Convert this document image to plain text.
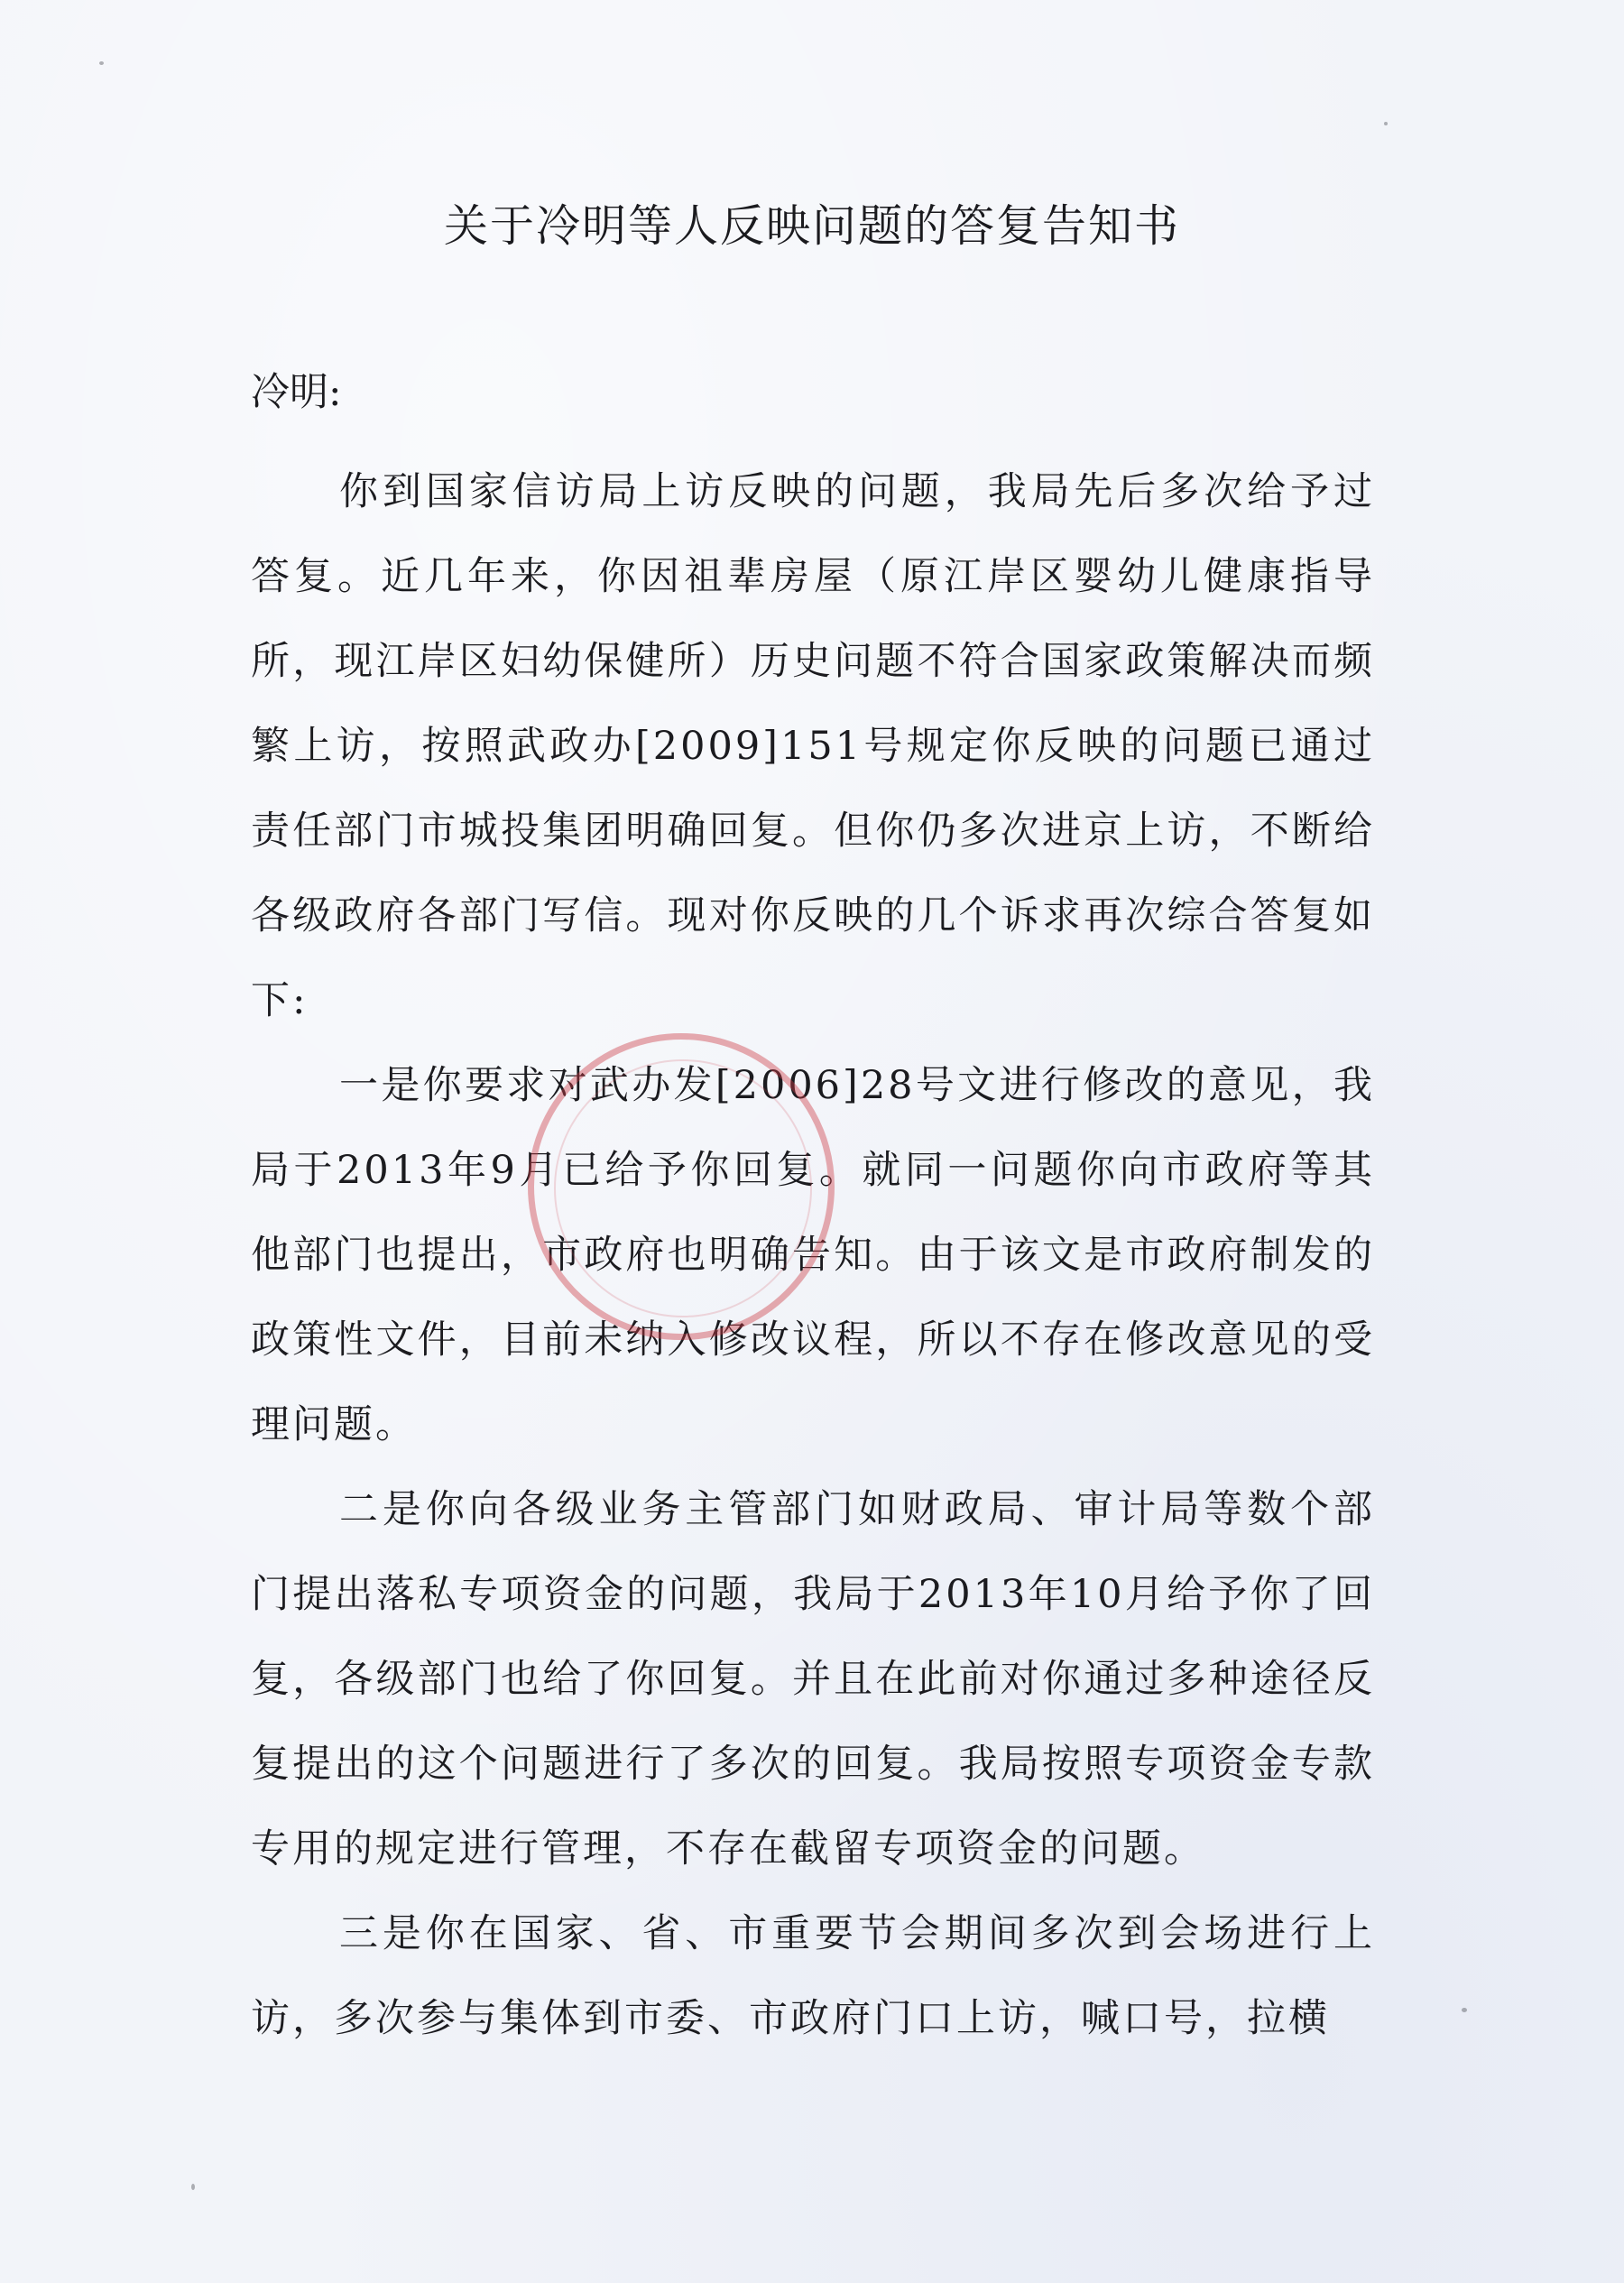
关于冷明等人反映问题的答复告知书
冷明:

你到国家信访局上访反映的问题，我局先后多次给予过答复。近几年来，你因祖辈房屋（原江岸区婴幼儿健康指导所，现江岸区妇幼保健所）历史问题不符合国家政策解决而频繁上访，按照武政办[2009]151号规定你反映的问题已通过责任部门市城投集团明确回复。但你仍多次进京上访，不断给各级政府各部门写信。现对你反映的几个诉求再次综合答复如下:

一是你要求对武办发[2006]28号文进行修改的意见，我局于2013年9月已给予你回复。就同一问题你向市政府等其他部门也提出，市政府也明确告知。由于该文是市政府制发的政策性文件，目前未纳入修改议程，所以不存在修改意见的受理问题。

二是你向各级业务主管部门如财政局、审计局等数个部门提出落私专项资金的问题，我局于2013年10月给予你了回复，各级部门也给了你回复。并且在此前对你通过多种途径反复提出的这个问题进行了多次的回复。我局按照专项资金专款专用的规定进行管理，不存在截留专项资金的问题。

三是你在国家、省、市重要节会期间多次到会场进行上访，多次参与集体到市委、市政府门口上访，喊口号，拉横
